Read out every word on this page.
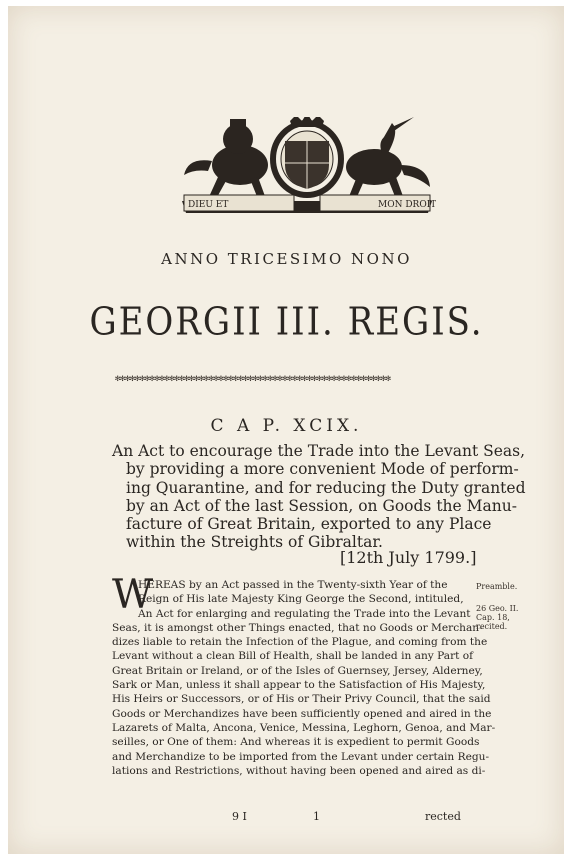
DIEU ET	MON DROIT
ANNO TRICESIMO NONO
GEORGII III. REGIS.
✻✻✻✻✻✻✻✻✻✻✻✻✻✻✻✻✻✻✻✻✻✻✻✻✻✻✻✻✻✻✻✻✻✻✻✻✻✻✻✻✻✻✻✻✻✻✻✻✻✻✻✻✻✻✻✻
C A P. XCIX.
An Act to encourage the Trade into the Levant Seas,
by providing a more convenient Mode of perform-
ing Quarantine, and for reducing the Duty granted
by an Act of the last Session, on Goods the Manu-
facture of Great Britain, exported to any Place
within the Streights of Gibraltar.
[12th July 1799.]
W
HEREAS by an Act passed in the Twenty-sixth Year of the
Reign of His late Majesty King George the Second, intituled,
An Act for enlarging and regulating the Trade into the Levant
Seas, it is amongst other Things enacted, that no Goods or Merchan-
dizes liable to retain the Infection of the Plague, and coming from the
Levant without a clean Bill of Health, shall be landed in any Part of
Great Britain or Ireland, or of the Isles of Guernsey, Jersey, Alderney,
Sark or Man, unless it shall appear to the Satisfaction of His Majesty,
His Heirs or Successors, or of His or Their Privy Council, that the said
Goods or Merchandizes have been sufficiently opened and aired in the
Lazarets of Malta, Ancona, Venice, Messina, Leghorn, Genoa, and Mar-
seilles, or One of them: And whereas it is expedient to permit Goods
and Merchandize to be imported from the Levant under certain Regu-
lations and Restrictions, without having been opened and aired as di-
Preamble.
26 Geo. II.
Cap. 18,
recited.
9 I	1	rected
